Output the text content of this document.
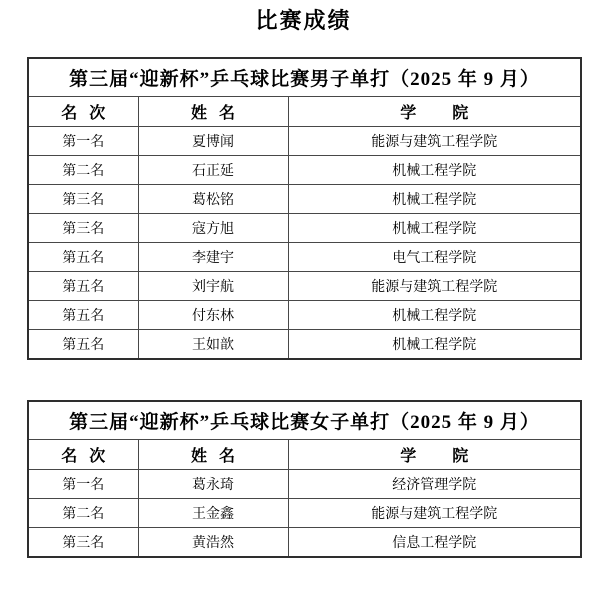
比赛成绩
第三届“迎新杯”乒乓球比赛男子单打（2025 年 9 月）		
名   次	姓   名	学         院
第一名	夏博闻	能源与建筑工程学院
第二名	石正延	机械工程学院
第三名	葛松铭	机械工程学院
第三名	寇方旭	机械工程学院
第五名	李建宇	电气工程学院
第五名	刘宇航	能源与建筑工程学院
第五名	付东林	机械工程学院
第五名	王如歆	机械工程学院
第三届“迎新杯”乒乓球比赛女子单打（2025 年 9 月）		
名   次	姓   名	学         院
第一名	葛永琦	经济管理学院
第二名	王金鑫	能源与建筑工程学院
第三名	黄浩然	信息工程学院
